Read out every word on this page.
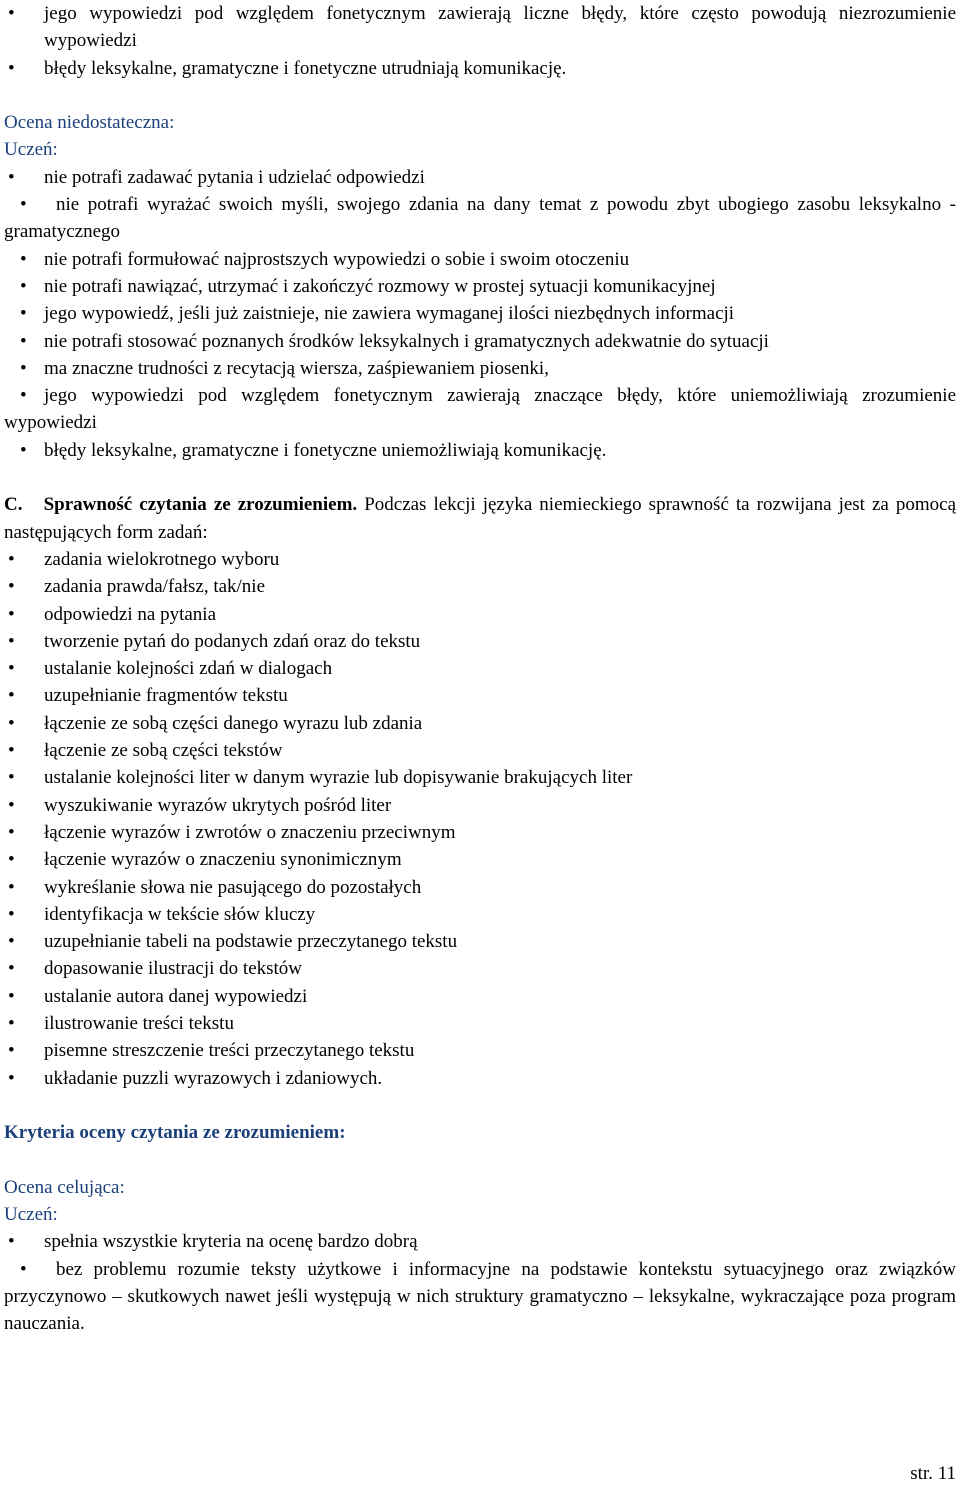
• jego wypowiedzi pod względem fonetycznym zawierają liczne błędy, które często powodują niezrozumienie wypowiedzi
• błędy leksykalne, gramatyczne i fonetyczne utrudniają komunikację.

Ocena niedostateczna:

Uczeń:

• nie potrafi zadawać pytania i udzielać odpowiedzi
• nie potrafi wyrażać swoich myśli, swojego zdania na dany temat z powodu zbyt ubogiego zasobu leksykalno - gramatycznego
• nie potrafi formułować najprostszych wypowiedzi o sobie i swoim otoczeniu
• nie potrafi nawiązać, utrzymać i zakończyć rozmowy w prostej sytuacji komunikacyjnej
• jego wypowiedź, jeśli już zaistnieje, nie zawiera wymaganej ilości niezbędnych informacji
• nie potrafi stosować poznanych środków leksykalnych i gramatycznych adekwatnie do sytuacji
• ma znaczne trudności z recytacją wiersza, zaśpiewaniem piosenki,
• jego wypowiedzi pod względem fonetycznym zawierają znaczące błędy, które uniemożliwiają zrozumienie wypowiedzi
• błędy leksykalne, gramatyczne i fonetyczne uniemożliwiają komunikację.

C. Sprawność czytania ze zrozumieniem. Podczas lekcji języka niemieckiego sprawność ta rozwijana jest za pomocą następujących form zadań:

• zadania wielokrotnego wyboru
• zadania prawda/fałsz, tak/nie
• odpowiedzi na pytania
• tworzenie pytań do podanych zdań oraz do tekstu
• ustalanie kolejności zdań w dialogach
• uzupełnianie fragmentów tekstu
• łączenie ze sobą części danego wyrazu lub zdania
• łączenie ze sobą części tekstów
• ustalanie kolejności liter w danym wyrazie lub dopisywanie brakujących liter
• wyszukiwanie wyrazów ukrytych pośród liter
• łączenie wyrazów i zwrotów o znaczeniu przeciwnym
• łączenie wyrazów o znaczeniu synonimicznym
• wykreślanie słowa nie pasującego do pozostałych
• identyfikacja w tekście słów kluczy
• uzupełnianie tabeli na podstawie przeczytanego tekstu
• dopasowanie ilustracji do tekstów
• ustalanie autora danej wypowiedzi
• ilustrowanie treści tekstu
• pisemne streszczenie treści przeczytanego tekstu
• układanie puzzli wyrazowych i zdaniowych.

Kryteria oceny czytania ze zrozumieniem:

Ocena celująca:

Uczeń:

• spełnia wszystkie kryteria na ocenę bardzo dobrą
• bez problemu rozumie teksty użytkowe i informacyjne na podstawie kontekstu sytuacyjnego oraz związków przyczynowo – skutkowych nawet jeśli występują w nich struktury gramatyczno – leksykalne, wykraczające poza program nauczania.
str. 11
